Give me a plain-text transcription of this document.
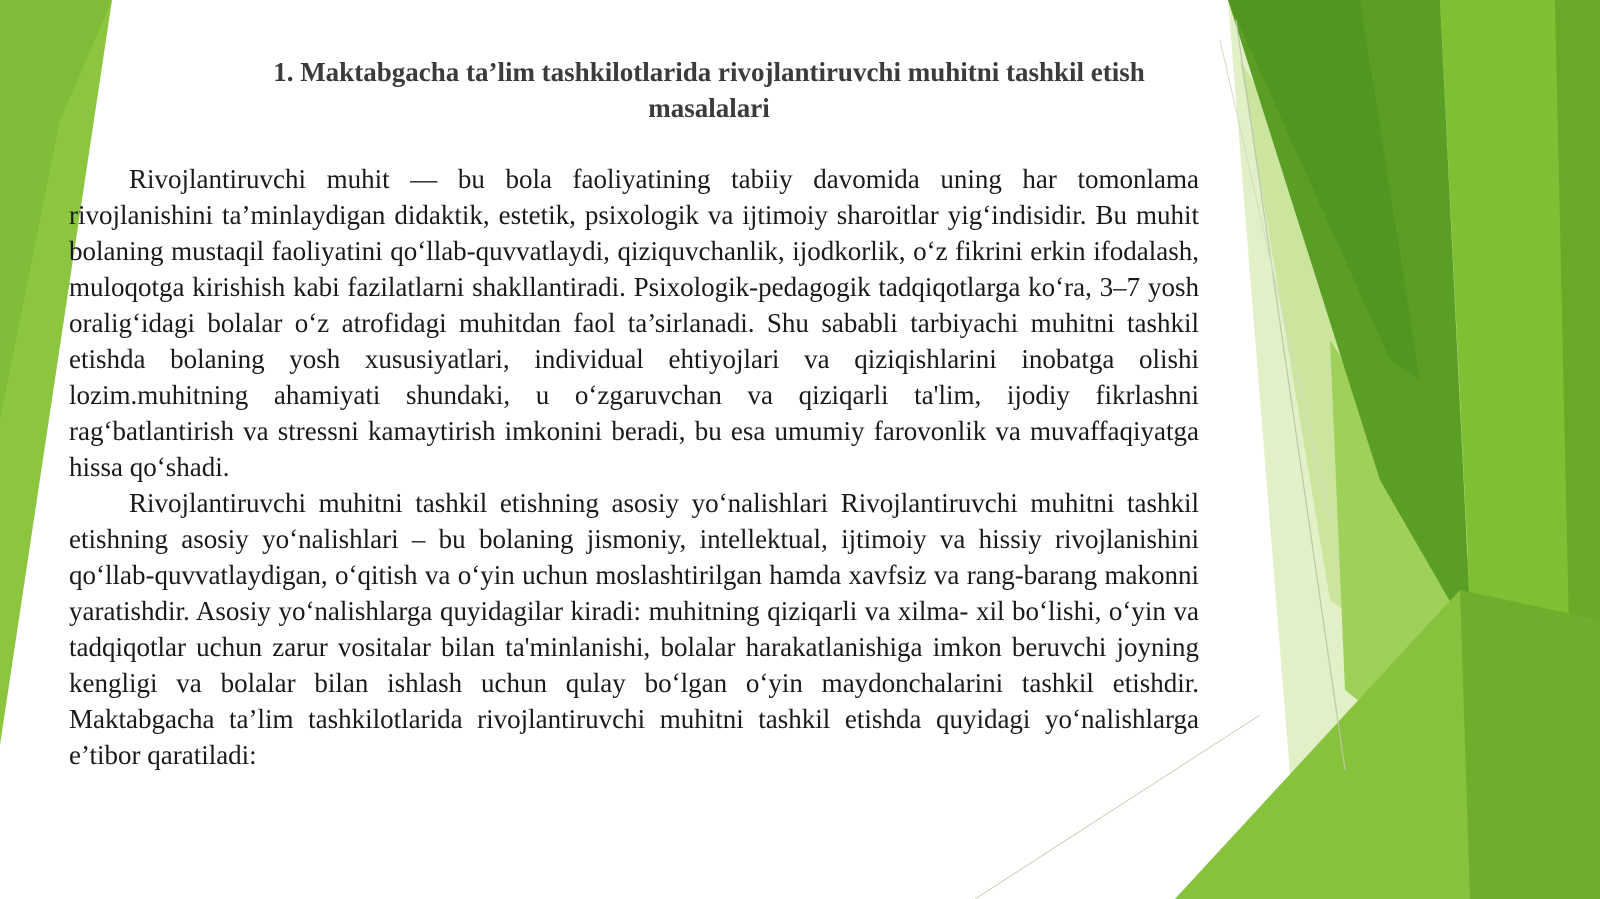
1. Maktabgacha ta’lim tashkilotlarida rivojlantiruvchi muhitni tashkil etish
masalalari

Rivojlantiruvchi muhit — bu bola faoliyatining tabiiy davomida uning har tomonlama rivojlanishini ta’minlaydigan didaktik, estetik, psixologik va ijtimoiy sharoitlar yig‘indisidir. Bu muhit bolaning mustaqil faoliyatini qo‘llab-quvvatlaydi, qiziquvchanlik, ijodkorlik, o‘z fikrini erkin ifodalash, muloqotga kirishish kabi fazilatlarni shakllantiradi. Psixologik-pedagogik tadqiqotlarga ko‘ra, 3–7 yosh oralig‘idagi bolalar o‘z atrofidagi muhitdan faol ta’sirlanadi. Shu sababli tarbiyachi muhitni tashkil etishda bolaning yosh xususiyatlari, individual ehtiyojlari va qiziqishlarini inobatga olishi lozim.muhitning ahamiyati shundaki, u o‘zgaruvchan va qiziqarli ta'lim, ijodiy fikrlashni rag‘batlantirish va stressni kamaytirish imkonini beradi, bu esa umumiy farovonlik va muvaffaqiyatga hissa qo‘shadi.

Rivojlantiruvchi muhitni tashkil etishning asosiy yo‘nalishlari Rivojlantiruvchi muhitni tashkil etishning asosiy yo‘nalishlari – bu bolaning jismoniy, intellektual, ijtimoiy va hissiy rivojlanishini qo‘llab-quvvatlaydigan, o‘qitish va o‘yin uchun moslashtirilgan hamda xavfsiz va rang-barang makonni yaratishdir. Asosiy yo‘nalishlarga quyidagilar kiradi: muhitning qiziqarli va xilma- xil bo‘lishi, o‘yin va tadqiqotlar uchun zarur vositalar bilan ta'minlanishi, bolalar harakatlanishiga imkon beruvchi joyning kengligi va bolalar bilan ishlash uchun qulay bo‘lgan o‘yin maydonchalarini tashkil etishdir. Maktabgacha ta’lim tashkilotlarida rivojlantiruvchi muhitni tashkil etishda quyidagi yo‘nalishlarga e’tibor qaratiladi:
